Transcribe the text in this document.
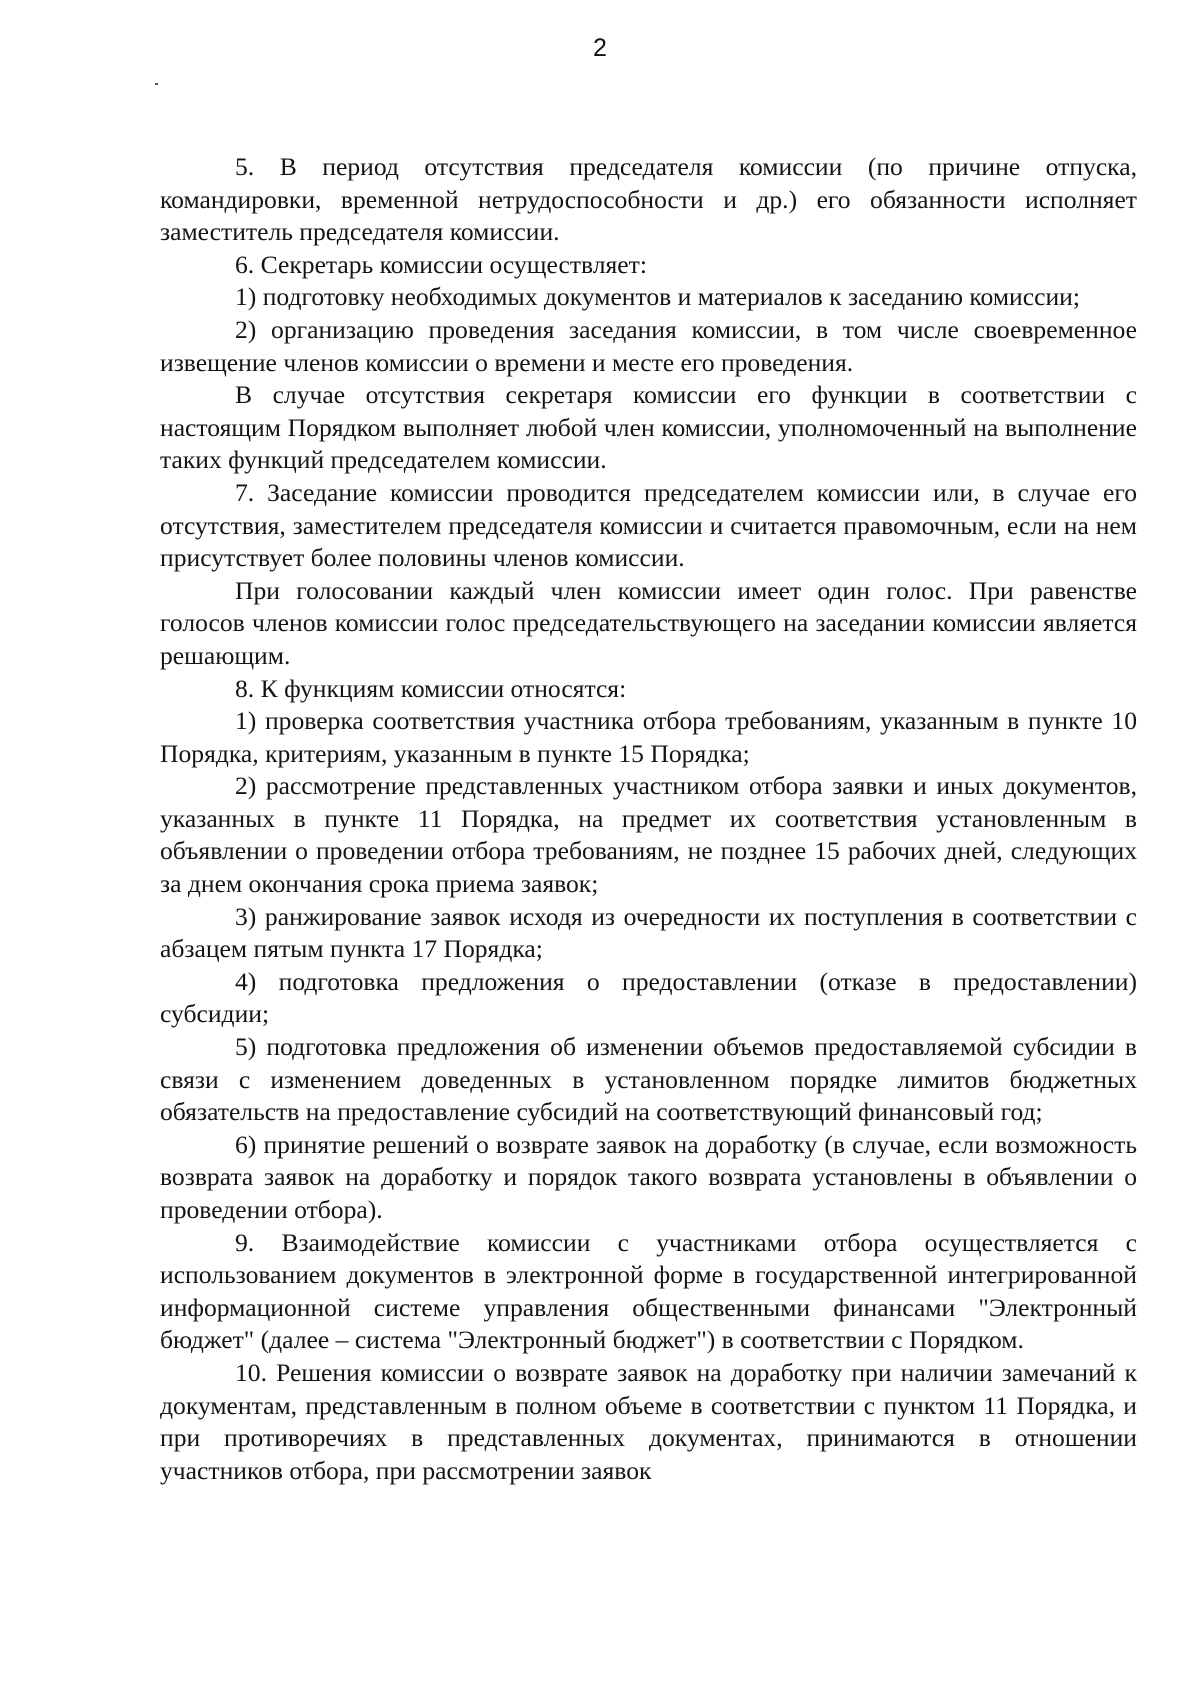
2

5. В период отсутствия председателя комиссии (по причине отпуска, командировки, временной нетрудоспособности и др.) его обязанности исполняет заместитель председателя комиссии.

6. Секретарь комиссии осуществляет:

1) подготовку необходимых документов и материалов к заседанию комиссии;

2) организацию проведения заседания комиссии, в том числе своевременное извещение членов комиссии о времени и месте его проведения.

В случае отсутствия секретаря комиссии его функции в соответствии с настоящим Порядком выполняет любой член комиссии, уполномоченный на выполнение таких функций председателем комиссии.

7. Заседание комиссии проводится председателем комиссии или, в случае его отсутствия, заместителем председателя комиссии и считается правомочным, если на нем присутствует более половины членов комиссии.

При голосовании каждый член комиссии имеет один голос. При равенстве голосов членов комиссии голос председательствующего на заседании комиссии является решающим.

8. К функциям комиссии относятся:

1) проверка соответствия участника отбора требованиям, указанным в пункте 10 Порядка, критериям, указанным в пункте 15 Порядка;

2) рассмотрение представленных участником отбора заявки и иных документов, указанных в пункте 11 Порядка, на предмет их соответствия установленным в объявлении о проведении отбора требованиям, не позднее 15 рабочих дней, следующих за днем окончания срока приема заявок;

3) ранжирование заявок исходя из очередности их поступления в соответствии с абзацем пятым пункта 17 Порядка;

4) подготовка предложения о предоставлении (отказе в предоставлении) субсидии;

5) подготовка предложения об изменении объемов предоставляемой субсидии в связи с изменением доведенных в установленном порядке лимитов бюджетных обязательств на предоставление субсидий на соответствующий финансовый год;

6) принятие решений о возврате заявок на доработку (в случае, если возможность возврата заявок на доработку и порядок такого возврата установлены в объявлении о проведении отбора).

9. Взаимодействие комиссии с участниками отбора осуществляется с использованием документов в электронной форме в государственной интегрированной информационной системе управления общественными финансами "Электронный бюджет" (далее – система "Электронный бюджет") в соответствии с Порядком.

10. Решения комиссии о возврате заявок на доработку при наличии замечаний к документам, представленным в полном объеме в соответствии с пунктом 11 Порядка, и при противоречиях в представленных документах, принимаются в отношении участников отбора, при рассмотрении заявок
